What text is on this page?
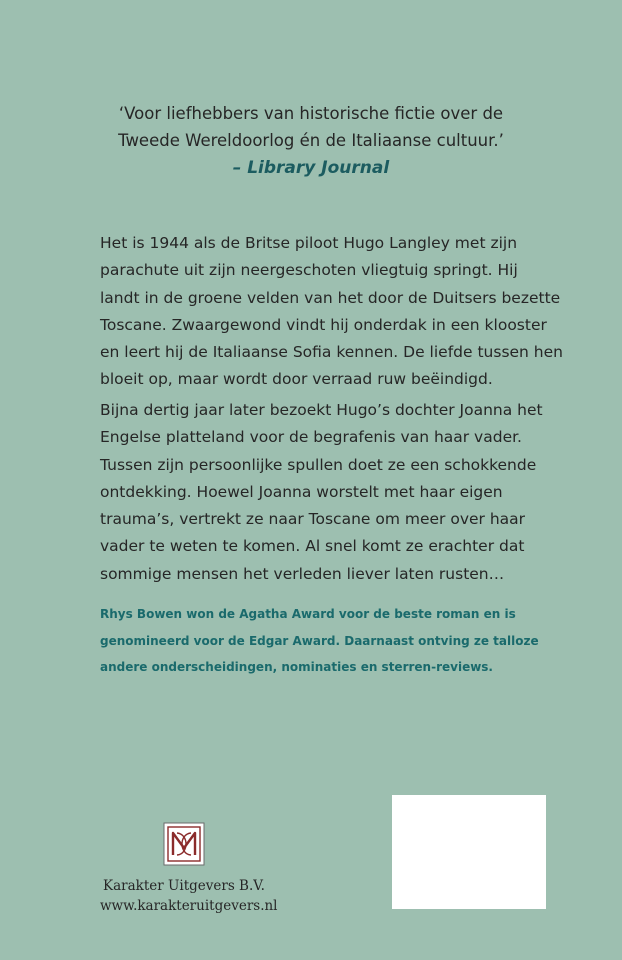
‘Voor liefhebbers van historische fictie over de
Tweede Wereldoorlog én de Italiaanse cultuur.’
– Library Journal
Het is 1944 als de Britse piloot Hugo Langley met zijn
parachute uit zijn neergeschoten vliegtuig springt. Hij
landt in de groene velden van het door de Duitsers bezette
Toscane. Zwaargewond vindt hij onderdak in een klooster
en leert hij de Italiaanse Sofia kennen. De liefde tussen hen
bloeit op, maar wordt door verraad ruw beëindigd.
Bijna dertig jaar later bezoekt Hugo’s dochter Joanna het
Engelse platteland voor de begrafenis van haar vader.
Tussen zijn persoonlijke spullen doet ze een schokkende
ontdekking. Hoewel Joanna worstelt met haar eigen
trauma’s, vertrekt ze naar Toscane om meer over haar
vader te weten te komen. Al snel komt ze erachter dat
sommige mensen het verleden liever laten rusten…
Rhys Bowen won de Agatha Award voor de beste roman en is
genomineerd voor de Edgar Award. Daarnaast ontving ze talloze
andere onderscheidingen, nominaties en sterren-reviews.
Karakter Uitgevers B.V.
www.karakteruitgevers.nl
